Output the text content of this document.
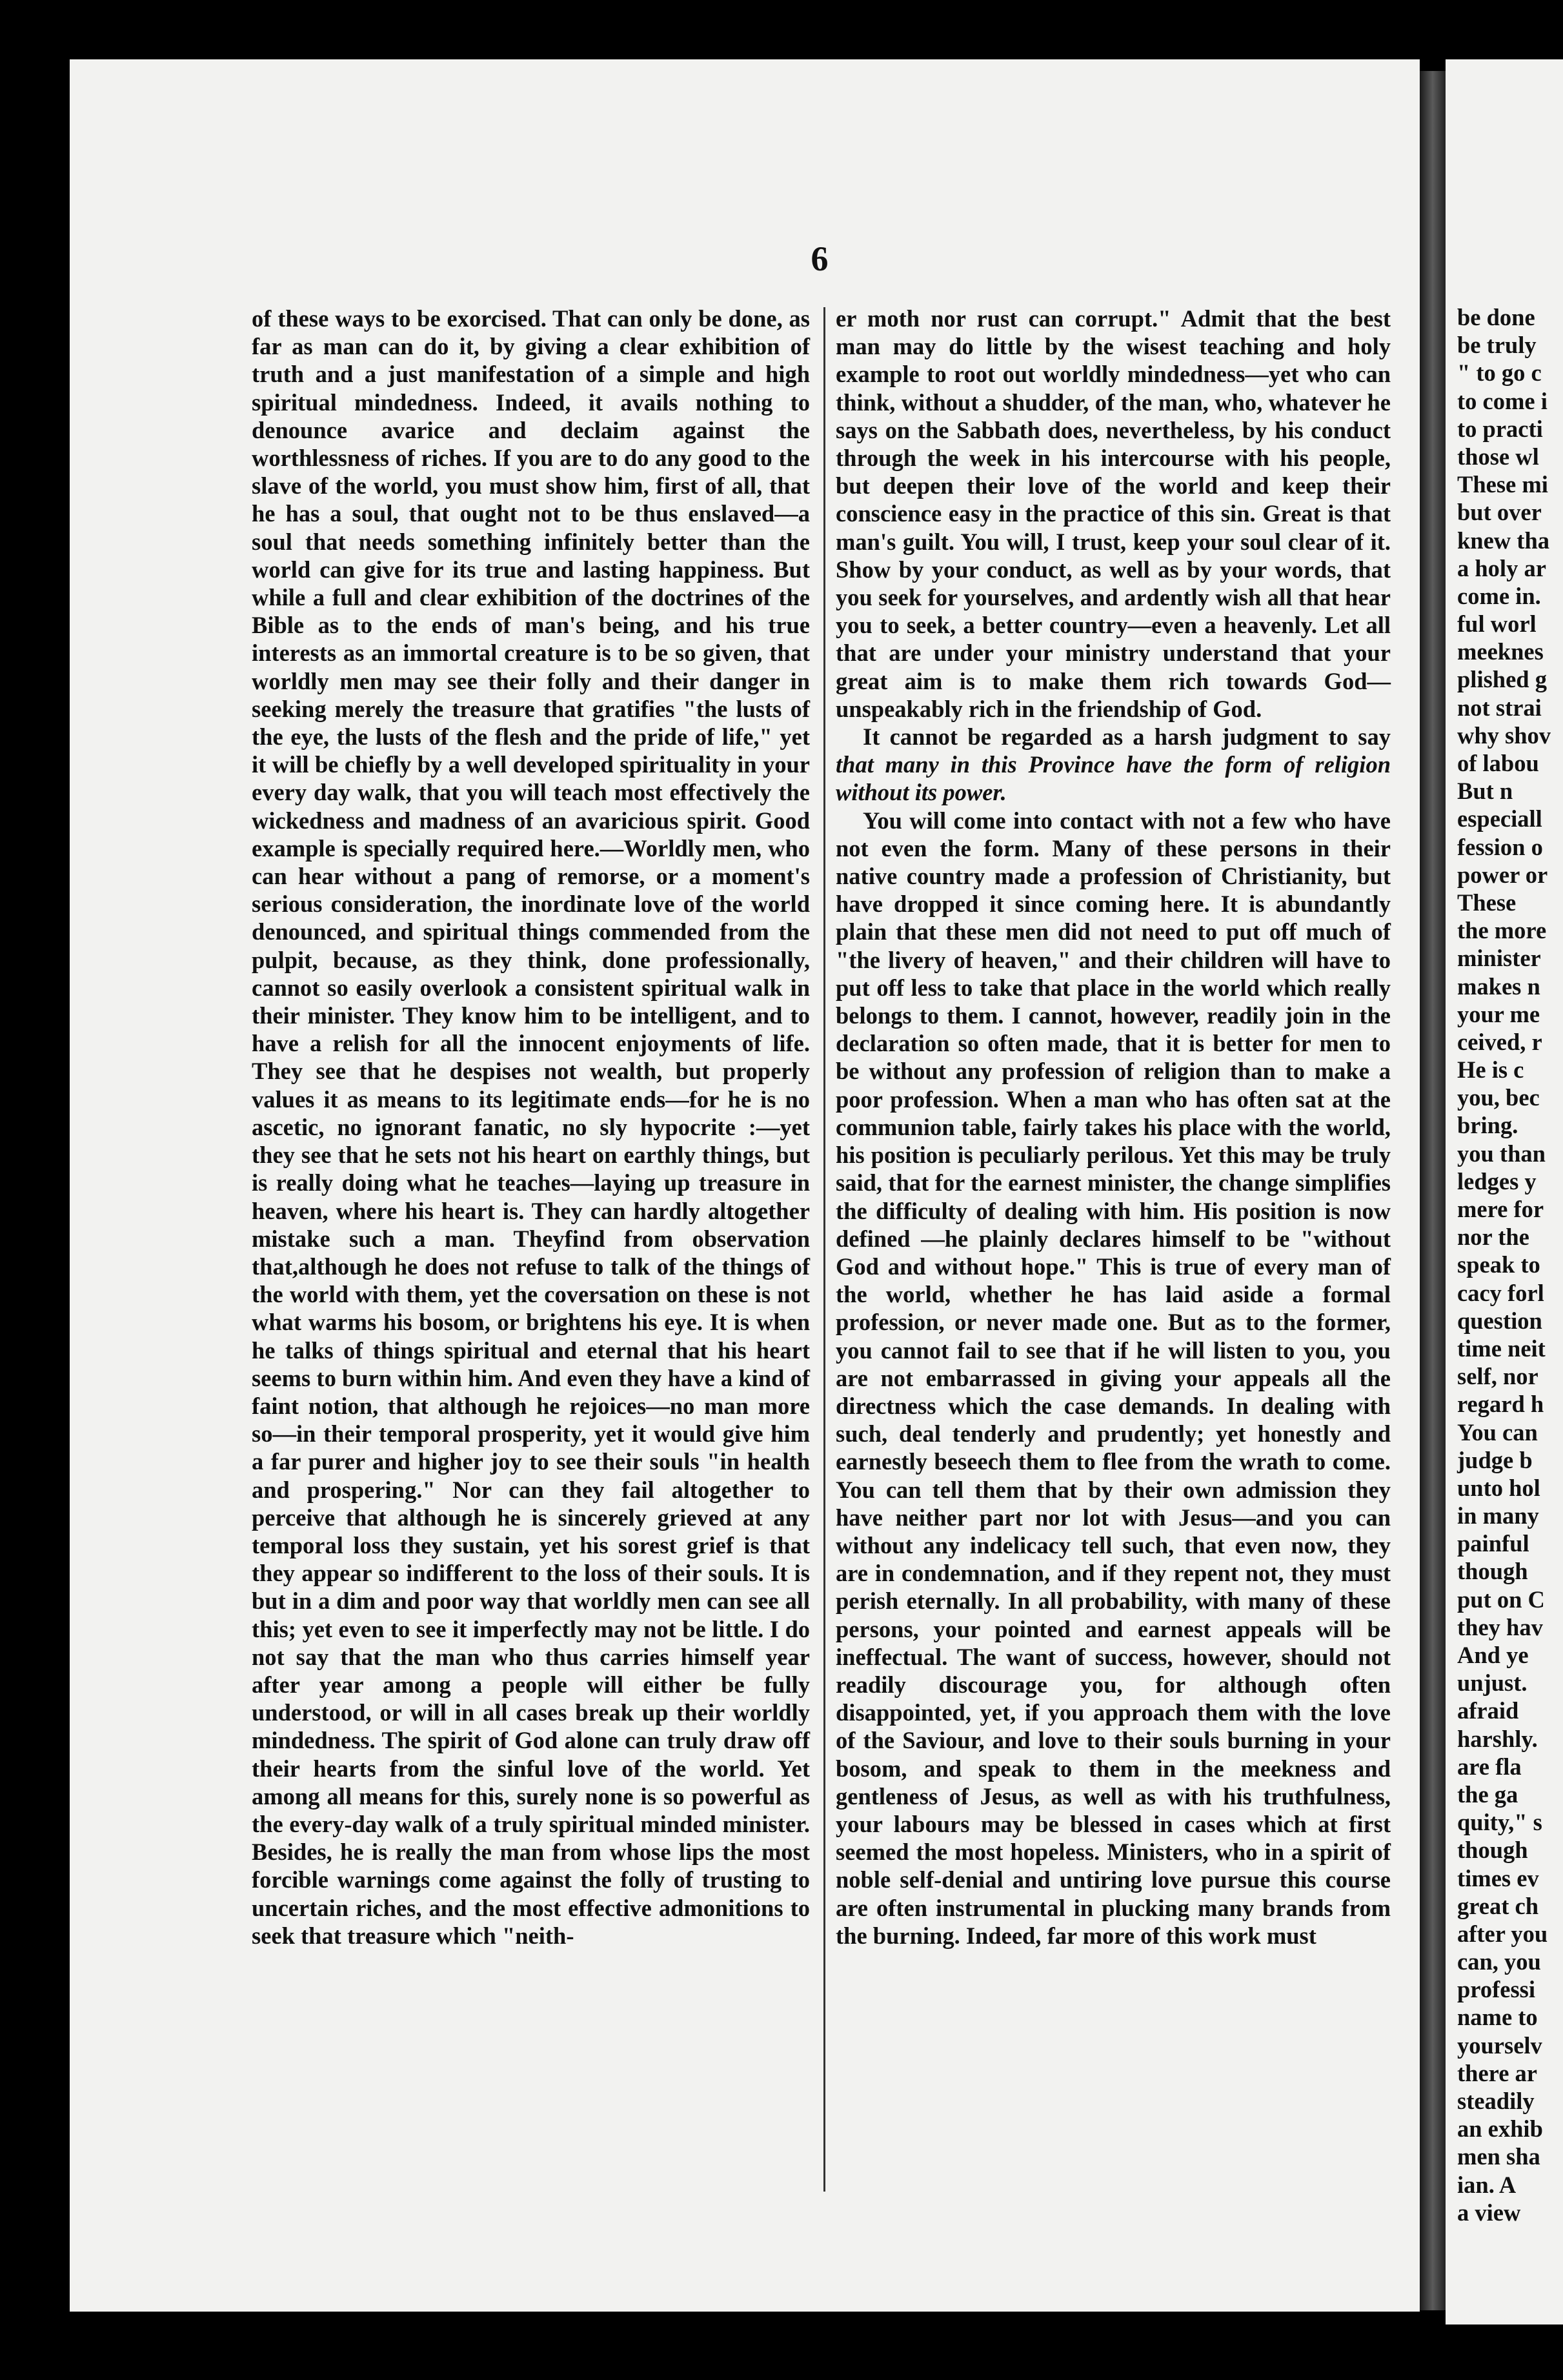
6

of these ways to be exorcised. That can only be done, as far as man can do it, by giving a clear exhibition of truth and a just manifestation of a simple and high spiritual mindedness. Indeed, it avails nothing to denounce avarice and declaim against the worthlessness of riches. If you are to do any good to the slave of the world, you must show him, first of all, that he has a soul, that ought not to be thus enslaved—a soul that needs something infinitely better than the world can give for its true and lasting happiness. But while a full and clear exhibition of the doctrines of the Bible as to the ends of man's being, and his true interests as an immortal creature is to be so given, that worldly men may see their folly and their danger in seeking merely the treasure that gratifies "the lusts of the eye, the lusts of the flesh and the pride of life," yet it will be chiefly by a well developed spirituality in your every day walk, that you will teach most effectively the wickedness and madness of an avaricious spirit. Good example is specially required here.—Worldly men, who can hear without a pang of remorse, or a moment's serious consideration, the inordinate love of the world denounced, and spiritual things commended from the pulpit, because, as they think, done professionally, cannot so easily overlook a consistent spiritual walk in their minister. They know him to be intelligent, and to have a relish for all the innocent enjoyments of life. They see that he despises not wealth, but properly values it as means to its legitimate ends—for he is no ascetic, no ignorant fanatic, no sly hypocrite :—yet they see that he sets not his heart on earthly things, but is really doing what he teaches—laying up treasure in heaven, where his heart is. They can hardly altogether mistake such a man. Theyfind from observation that,although he does not refuse to talk of the things of the world with them, yet the coversation on these is not what warms his bosom, or brightens his eye. It is when he talks of things spiritual and eternal that his heart seems to burn within him. And even they have a kind of faint notion, that although he rejoices—no man more so—in their temporal prosperity, yet it would give him a far purer and higher joy to see their souls "in health and prospering." Nor can they fail altogether to perceive that although he is sincerely grieved at any temporal loss they sustain, yet his sorest grief is that they appear so indifferent to the loss of their souls. It is but in a dim and poor way that worldly men can see all this; yet even to see it imperfectly may not be little. I do not say that the man who thus carries himself year after year among a people will either be fully understood, or will in all cases break up their worldly mindedness. The spirit of God alone can truly draw off their hearts from the sinful love of the world. Yet among all means for this, surely none is so powerful as the every-day walk of a truly spiritual minded minister. Besides, he is really the man from whose lips the most forcible warnings come against the folly of trusting to uncertain riches, and the most effective admonitions to seek that treasure which "neith-

er moth nor rust can corrupt." Admit that the best man may do little by the wisest teaching and holy example to root out worldly mindedness—yet who can think, without a shudder, of the man, who, whatever he says on the Sabbath does, nevertheless, by his conduct through the week in his intercourse with his people, but deepen their love of the world and keep their conscience easy in the practice of this sin. Great is that man's guilt. You will, I trust, keep your soul clear of it. Show by your conduct, as well as by your words, that you seek for yourselves, and ardently wish all that hear you to seek, a better country—even a heavenly. Let all that are under your ministry understand that your great aim is to make them rich towards God—unspeakably rich in the friendship of God.

It cannot be regarded as a harsh judgment to say that many in this Province have the form of religion without its power.

You will come into contact with not a few who have not even the form. Many of these persons in their native country made a profession of Christianity, but have dropped it since coming here. It is abundantly plain that these men did not need to put off much of "the livery of heaven," and their children will have to put off less to take that place in the world which really belongs to them. I cannot, however, readily join in the declaration so often made, that it is better for men to be without any profession of religion than to make a poor profession. When a man who has often sat at the communion table, fairly takes his place with the world, his position is peculiarly perilous. Yet this may be truly said, that for the earnest minister, the change simplifies the difficulty of dealing with him. His position is now defined —he plainly declares himself to be "without God and without hope." This is true of every man of the world, whether he has laid aside a formal profession, or never made one. But as to the former, you cannot fail to see that if he will listen to you, you are not embarrassed in giving your appeals all the directness which the case demands. In dealing with such, deal tenderly and prudently; yet honestly and earnestly beseech them to flee from the wrath to come. You can tell them that by their own admission they have neither part nor lot with Jesus—and you can without any indelicacy tell such, that even now, they are in condemnation, and if they repent not, they must perish eternally. In all probability, with many of these persons, your pointed and earnest appeals will be ineffectual. The want of success, however, should not readily discourage you, for although often disappointed, yet, if you approach them with the love of the Saviour, and love to their souls burning in your bosom, and speak to them in the meekness and gentleness of Jesus, as well as with his truthfulness, your labours may be blessed in cases which at first seemed the most hopeless. Ministers, who in a spirit of noble self-denial and untiring love pursue this course are often instrumental in plucking many brands from the burning. Indeed, far more of this work must

be done
be truly
" to go c
to come i
to practi
those wl
These mi
but over
knew tha
a holy ar
come in.
ful worl
meeknes
plished g
not strai
why shov
of labou
But n
especiall
fession o
power or
These
the more
minister
makes n
your me
ceived, r
He is c
you, bec
bring.
you than
ledges y
mere for
nor the
speak to
cacy forl
question
time neit
self, nor
regard h
You can
judge b
unto hol
in many
painful
though
put on C
they hav
And ye
unjust.
afraid
harshly.
are fla
the ga
quity," s
though
times ev
great ch
after you
can, you
professi
name to
yourselv
there ar
steadily
an exhib
men sha
ian. A
a view
